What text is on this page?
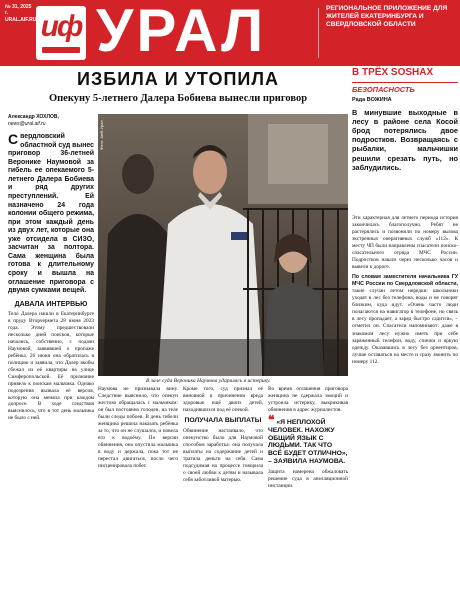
№ 31, 2025 г.
URAL.AIF.RU иф УРАЛ	РЕГИОНАЛЬНОЕ ПРИЛОЖЕНИЕ ДЛЯ ЖИТЕЛЕЙ ЕКАТЕРИНБУРГА И СВЕРДЛОВСКОЙ ОБЛАСТИ
ИЗБИЛА И УТОПИЛА
Опекуну 5-летнего Далера Бобиева вынесли приговор
Александр ХОХЛОВ,
news@ural.aif.ru

Свердловский областной суд вынес приговор 36-летней Веронике Наумовой за гибель ее опекаемого 5-летнего Далера Бобиева и ряд других преступлений. Ей назначено 24 года колонии общего режима, при этом каждый день из двух лет, которые она уже отсидела в СИЗО, засчитан за полтора. Сама женщина была готова к длительному сроку и вышла на оглашение приговора с двумя сумками вещей.

ДАВАЛА ИНТЕРВЬЮ

Тело Далера нашли в Екатеринбурге в пруду Вторчермета 28 июня 2023 года. Этому предшествовали несколько дней поисков, которые начались, собственно, с подачи Наумовой, заявившей о пропаже ребёнка. 26 июня она обратилась в полицию и заявила, что Далер якобы сбежал из её квартиры на улице Симферопольской. Её признание привело к поискам мальчика. Однако подозрения вызвала её версия, которую она меняла при каждом допросе. В ходе следствия выяснилось, что в тот день мальчика не было с ней.

Фото: АиФ-Урал
В зале суда Вероника Наумова ударилась в истерику.

Наумова не признавала вину. Следствие выяснило, что опекун жестоко обращалась с мальчиком: он был постоянно голоден, на теле были следы побоев. В день гибели женщина решила наказать ребёнка за то, что он не слушался, и повела его к водоёму. По версии обвинения, она опустила мальчика в воду и держала, пока тот не перестал двигаться, после чего инсценировала побег.

Кроме того, суд признал её виновной в причинении вреда здоровью ещё двоих детей, находившихся под её опекой.

ПОЛУЧАЛА ВЫПЛАТЫ

Обвинение настаивало, что опекунство было для Наумовой способом заработка: она получала выплаты на содержание детей и тратила деньги на себя. Сама подсудимая на процессе говорила о своей любви к детям и называла себя заботливой матерью.

Во время оглашения приговора женщина не сдержала эмоций и устроила истерику, выкрикивая обвинения в адрес журналистов.

❝ «Я НЕПЛОХОЙ ЧЕЛОВЕК. НАХОЖУ ОБЩИЙ ЯЗЫК С ЛЮДЬМИ. ТАК ЧТО ВСЁ БУДЕТ ОТЛИЧНО», – ЗАЯВИЛА НАУМОВА.

Защита намерена обжаловать решение суда в апелляционной инстанции.

В ТРЁХ SOSНАХ
БЕЗОПАСНОСТЬ
Рада ВОЖИНА

В минувшие выходные в лесу в районе села Косой брод потерялись двое подростков. Возвращаясь с рыбалки, мальчишки решили срезать путь, но заблудились.

Эти характерная для летнего периода история закончилась благополучно. Ребят не растерялись и позвонили по номеру вызова экстренных оперативных служб «112». К месту ЧП были направлены спасатели поиско-спасательного отряда МЧС России. Подростков нашли через несколько часов и вывели к дороге.

По словам заместителя начальника ГУ МЧС России по Свердловской области, такие случаи летом нередки: школьники уходят в лес без телефона, воды и не говорят близким, куда идут. «Очень часто люди полагаются на навигатор в телефоне, но связь в лесу пропадает, а заряд быстро садится», – отметил он. Спасатели напоминают: даже в знакомом лесу нужно иметь при себе заряженный телефон, воду, спички и яркую одежду. Оказавшись в лесу без ориентиров, лучше оставаться на месте и сразу звонить по номеру 112.
